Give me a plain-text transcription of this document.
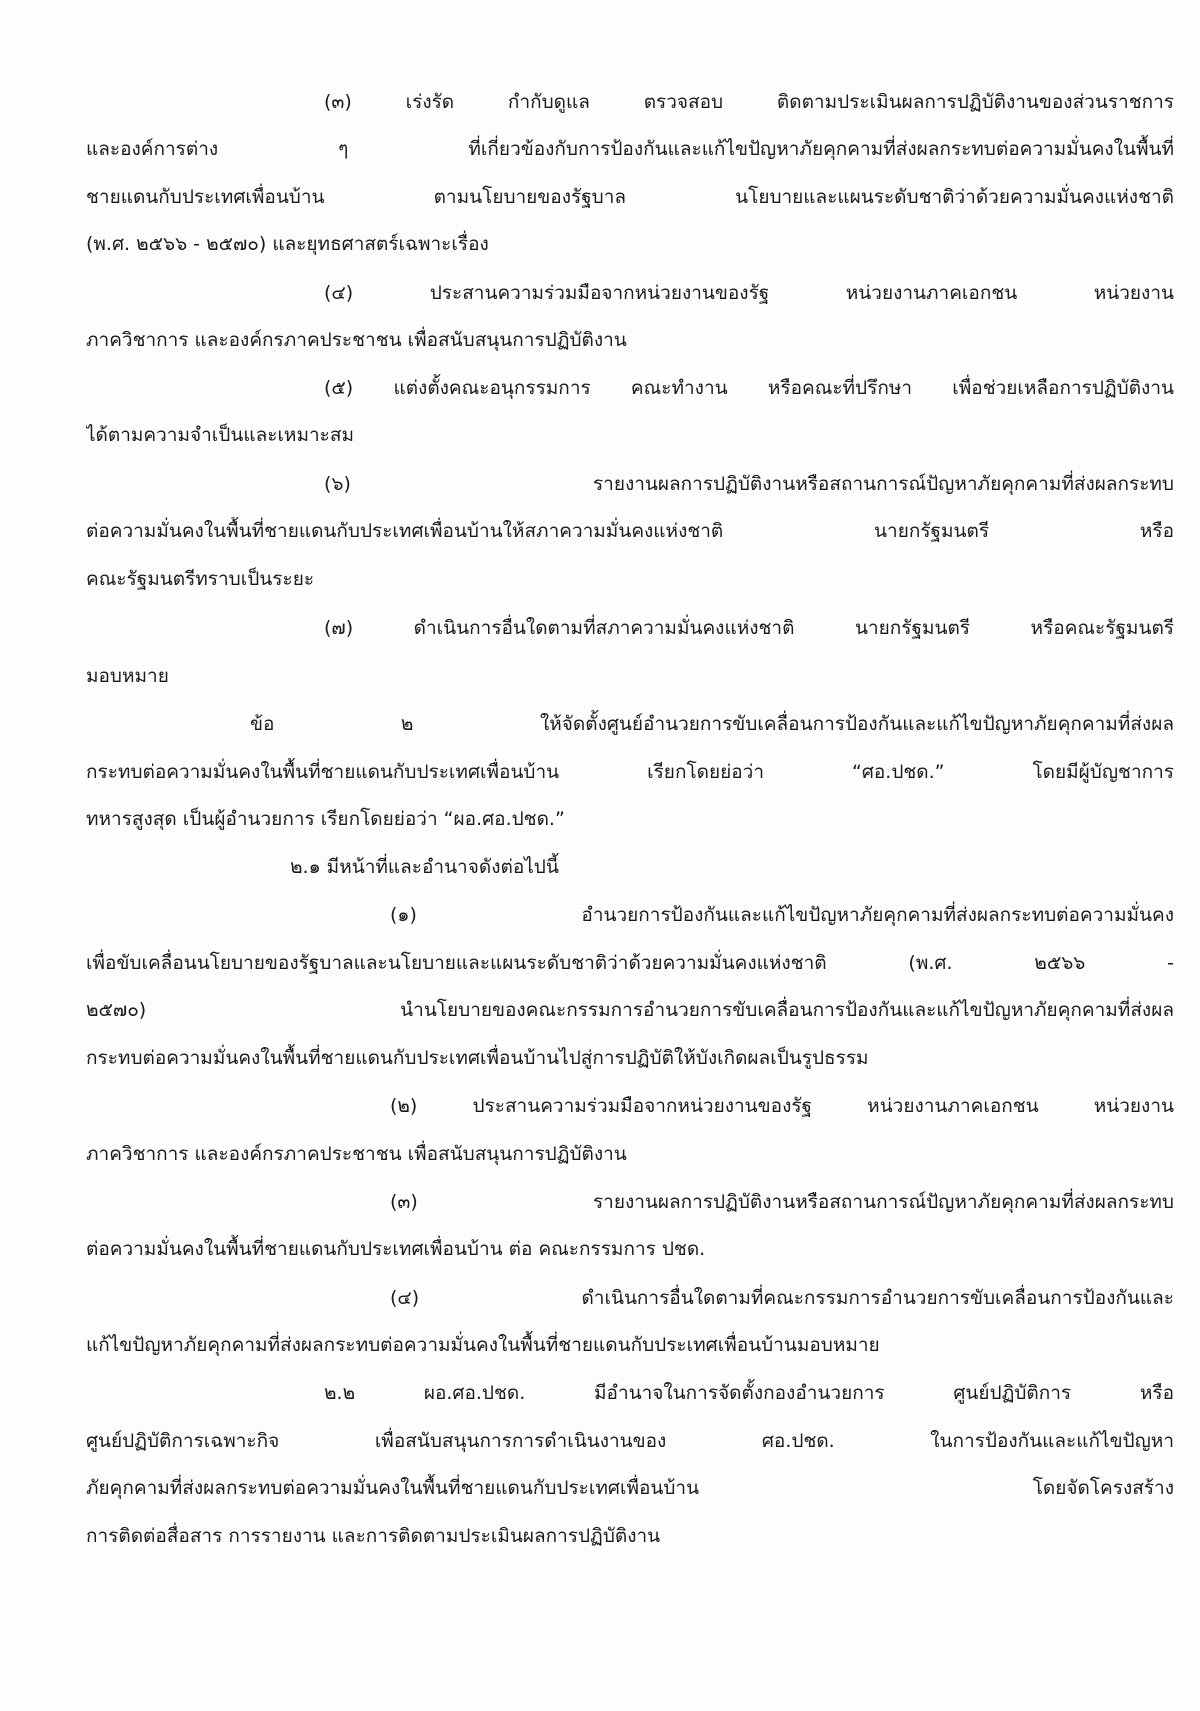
(๓) เร่งรัด กำกับดูแล ตรวจสอบ ติดตามประเมินผลการปฏิบัติงานของส่วนราชการ
และองค์การต่าง ๆ ที่เกี่ยวข้องกับการป้องกันและแก้ไขปัญหาภัยคุกคามที่ส่งผลกระทบต่อความมั่นคงในพื้นที่
ชายแดนกับประเทศเพื่อนบ้าน ตามนโยบายของรัฐบาล นโยบายและแผนระดับชาติว่าด้วยความมั่นคงแห่งชาติ
(พ.ศ. ๒๕๖๖ - ๒๕๗๐) และยุทธศาสตร์เฉพาะเรื่อง
(๔) ประสานความร่วมมือจากหน่วยงานของรัฐ หน่วยงานภาคเอกชน หน่วยงาน
ภาควิชาการ และองค์กรภาคประชาชน เพื่อสนับสนุนการปฏิบัติงาน
(๕) แต่งตั้งคณะอนุกรรมการ คณะทำงาน หรือคณะที่ปรึกษา เพื่อช่วยเหลือการปฏิบัติงาน
ได้ตามความจำเป็นและเหมาะสม
(๖) รายงานผลการปฏิบัติงานหรือสถานการณ์ปัญหาภัยคุกคามที่ส่งผลกระทบ
ต่อความมั่นคงในพื้นที่ชายแดนกับประเทศเพื่อนบ้านให้สภาความมั่นคงแห่งชาติ นายกรัฐมนตรี หรือ
คณะรัฐมนตรีทราบเป็นระยะ
(๗) ดำเนินการอื่นใดตามที่สภาความมั่นคงแห่งชาติ นายกรัฐมนตรี หรือคณะรัฐมนตรี
มอบหมาย
ข้อ ๒ ให้จัดตั้งศูนย์อำนวยการขับเคลื่อนการป้องกันและแก้ไขปัญหาภัยคุกคามที่ส่งผล
กระทบต่อความมั่นคงในพื้นที่ชายแดนกับประเทศเพื่อนบ้าน เรียกโดยย่อว่า “ศอ.ปชด.” โดยมีผู้บัญชาการ
ทหารสูงสุด เป็นผู้อำนวยการ เรียกโดยย่อว่า “ผอ.ศอ.ปชด.”
๒.๑ มีหน้าที่และอำนาจดังต่อไปนี้
(๑) อำนวยการป้องกันและแก้ไขปัญหาภัยคุกคามที่ส่งผลกระทบต่อความมั่นคง
เพื่อขับเคลื่อนนโยบายของรัฐบาลและนโยบายและแผนระดับชาติว่าด้วยความมั่นคงแห่งชาติ (พ.ศ. ๒๕๖๖ -
๒๕๗๐) นำนโยบายของคณะกรรมการอำนวยการขับเคลื่อนการป้องกันและแก้ไขปัญหาภัยคุกคามที่ส่งผล
กระทบต่อความมั่นคงในพื้นที่ชายแดนกับประเทศเพื่อนบ้านไปสู่การปฏิบัติให้บังเกิดผลเป็นรูปธรรม
(๒) ประสานความร่วมมือจากหน่วยงานของรัฐ หน่วยงานภาคเอกชน หน่วยงาน
ภาควิชาการ และองค์กรภาคประชาชน เพื่อสนับสนุนการปฏิบัติงาน
(๓) รายงานผลการปฏิบัติงานหรือสถานการณ์ปัญหาภัยคุกคามที่ส่งผลกระทบ
ต่อความมั่นคงในพื้นที่ชายแดนกับประเทศเพื่อนบ้าน ต่อ คณะกรรมการ ปชด.
(๔) ดำเนินการอื่นใดตามที่คณะกรรมการอำนวยการขับเคลื่อนการป้องกันและ
แก้ไขปัญหาภัยคุกคามที่ส่งผลกระทบต่อความมั่นคงในพื้นที่ชายแดนกับประเทศเพื่อนบ้านมอบหมาย
๒.๒ ผอ.ศอ.ปชด. มีอำนาจในการจัดตั้งกองอำนวยการ ศูนย์ปฏิบัติการ หรือ
ศูนย์ปฏิบัติการเฉพาะกิจ เพื่อสนับสนุนการการดำเนินงานของ ศอ.ปชด. ในการป้องกันและแก้ไขปัญหา
ภัยคุกคามที่ส่งผลกระทบต่อความมั่นคงในพื้นที่ชายแดนกับประเทศเพื่อนบ้าน โดยจัดโครงสร้าง
การติดต่อสื่อสาร การรายงาน และการติดตามประเมินผลการปฏิบัติงาน
